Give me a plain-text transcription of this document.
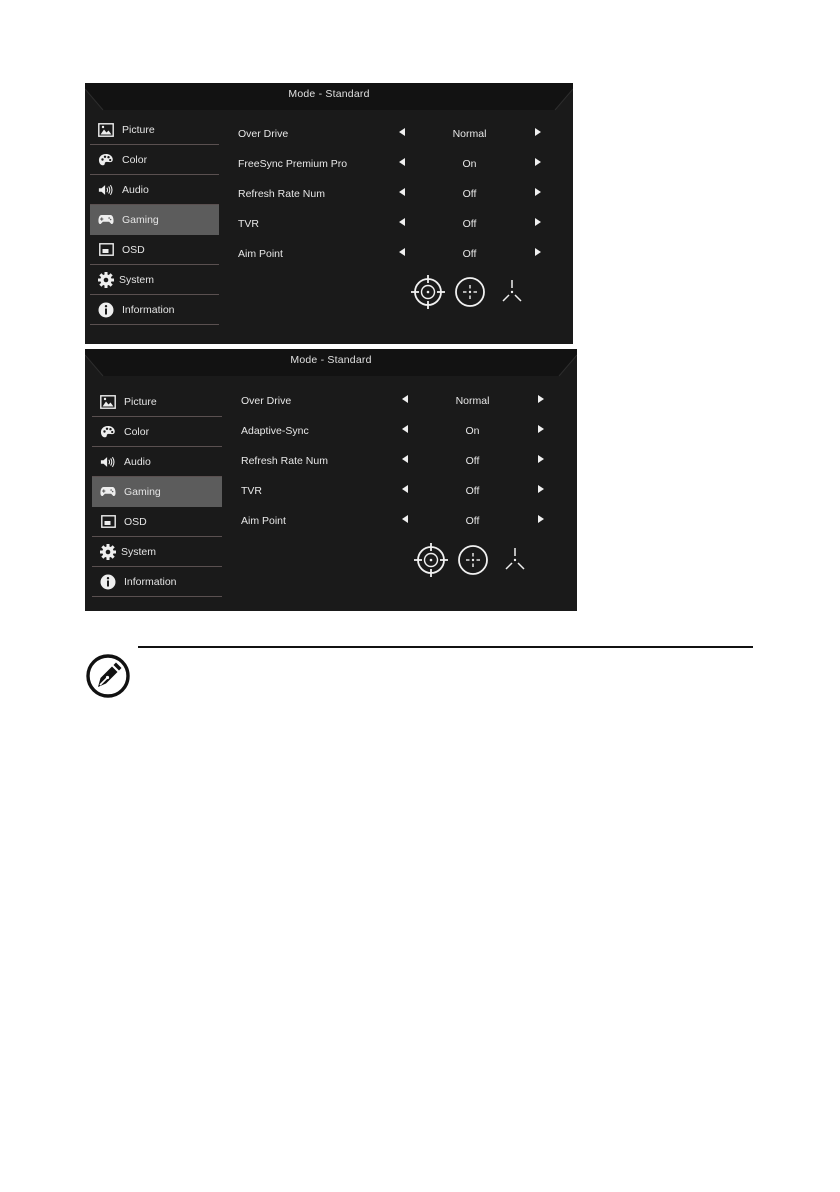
Mode - Standard
Picture
Color
Audio
Gaming
OSD
System
Information
Over Drive	Normal
FreeSync Premium Pro	On
Refresh Rate Num	Off
TVR	Off
Aim Point	Off
Mode - Standard
Picture
Color
Audio
Gaming
OSD
System
Information
Over Drive	Normal
Adaptive-Sync	On
Refresh Rate Num	Off
TVR	Off
Aim Point	Off
